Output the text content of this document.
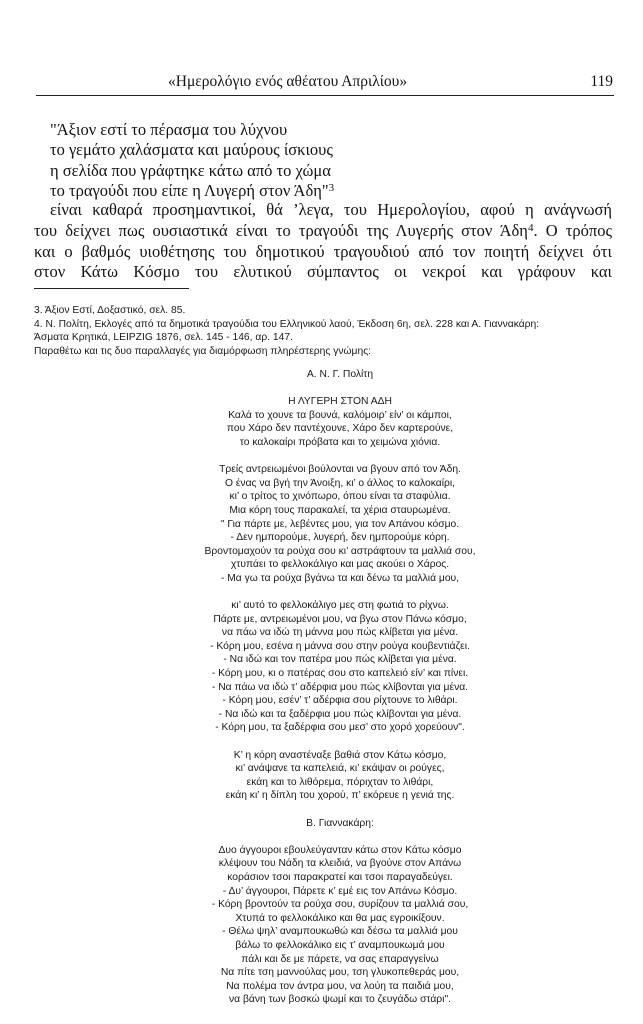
«Ημερολόγιο ενός αθέατου Απριλίου»	119
"Άξιον εστί το πέρασμα του λύχνου
το γεμάτο χαλάσματα και μαύρους ίσκιους
η σελίδα που γράφτηκε κάτω από το χώμα
το τραγούδι που είπε η Λυγερή στον Άδη"$^3$
είναι καθαρά προσημαντικοί, θά ’λεγα, του Ημερολογίου, αφού η ανάγνωσή
του δείχνει πως ουσιαστικά είναι το τραγούδι της Λυγερής στον Άδη$^4$. Ο τρόπος
και ο βαθμός υιοθέτησης του δημοτικού τραγουδιού από τον ποιητή δείχνει ότι
στον Κάτω Κόσμο του ελυτικού σύμπαντος οι νεκροί και γράφουν και
3. Άξιον Εστί, Δοξαστικό, σελ. 85.
4. Ν. Πολίτη, Εκλογές από τα δημοτικά τραγούδια του Ελληνικού λαού, Έκδοση 6η, σελ. 228 και Α. Γιαννακάρη:
Άσματα Κρητικά, LEIPZIG 1876, σελ. 145 - 146, αρ. 147.
Παραθέτω και τις δυο παραλλαγές για διαμόρφωση πληρέστερης γνώμης:
Α. Ν. Γ. Πολίτη
Η ΛΥΓΕΡΗ ΣΤΟΝ ΑΔΗ
Καλά το χουνε τα βουνά, καλόμοιρ’ είν’ οι κάμποι,
που Χάρο δεν παντέχουνε, Χάρο δεν καρτερούνε,
το καλοκαίρι πρόβατα και το χειμώνα χιόνια.
Τρείς αντρειωμένοι βούλονται να βγουν από τον Άδη.
Ο ένας να βγή την Άνοιξη, κι’ ο άλλος το καλοκαίρι,
κι’ ο τρίτος το χινόπωρο, όπου είναι τα σταφύλια.
Μια κόρη τους παρακαλεί, τα χέρια σταυρωμένα.
" Για πάρτε με, λεβέντες μου, για τον Απάνου κόσμο.
- Δεν ημπορούμε, λυγερή, δεν ημπορούμε κόρη.
Βροντομαχούν τα ρούχα σου κι’ αστράφτουν τα μαλλιά σου,
χτυπάει το φελλοκάλιγο και μας ακούει ο Χάρος.
- Μα γω τα ρούχα βγάνω τα και δένω τα μαλλιά μου,
κι’ αυτό το φελλοκάλιγο μες στη φωτιά το ρίχνω.
Πάρτε με, αντρειωμένοι μου, να βγω στον Πάνω κόσμο,
να πάω να ιδώ τη μάννα μου πώς κλίβεται για μένα.
- Κόρη μου, εσένα η μάννα σου στην ρούγα κουβεντιάζει.
- Να ιδώ και τον πατέρα μου πώς κλίβεται για μένα.
- Κόρη μου, κι ο πατέρας σου στο καπελειό είν’ και πίνει.
- Να πάω να ιδώ τ’ αδέρφια μου πώς κλίβονται για μένα.
- Κόρη μου, εσέν’ τ’ αδέρφια σου ρίχτουνε το λιθάρι.
- Να ιδώ και τα ξαδέρφια μου πώς κλίβονται για μένα.
- Κόρη μου, τα ξαδέρφια σου μεσ’ στο χορό χορεύουν".
Κ’ η κόρη αναστέναξε βαθιά στον Κάτω κόσμο,
κι’ ανάψανε τα καπελειά, κι’ εκάψαν οι ρούγες,
εκάη και το λιθόρεμα, πόριχταν το λιθάρι,
εκάη κι’ η δίπλη του χορού, π’ εκόρευε η γενιά της.
Β. Γιαννακάρη:
Δυο άγγουροι εβουλεύγανταν κάτω στον Κάτω κόσμο
κλέψουν του Νάδη τα κλειδιά, να βγούνε στον Απάνω
κοράσιον τσοι παρακρατεί και τσοι παραγαδεύγει.
- Δυ’ άγγουροι, Πάρετε κ’ εμέ εις τον Απάνω Κόσμο.
- Κόρη βροντούν τα ρούχα σου, συρίζουν τα μαλλιά σου,
Χτυπά το φελλοκάλικο και θα μας εγροικίξουν.
- Θέλω ψηλ’ αναμπουκωθώ και δέσω τα μαλλιά μου
βάλω το φελλοκάλικο εις τ’ αναμπουκωμά μου
πάλι και δε με πάρετε, να σας επαραγγείνω
Να πίτε τση μαννούλας μου, τση γλυκοπεθεράς μου,
Να πολέμα τον άντρα μου, να λούη τα παιδιά μου,
να βάνη των βοσκώ ψωμί και το ζευγάδω στάρι".
